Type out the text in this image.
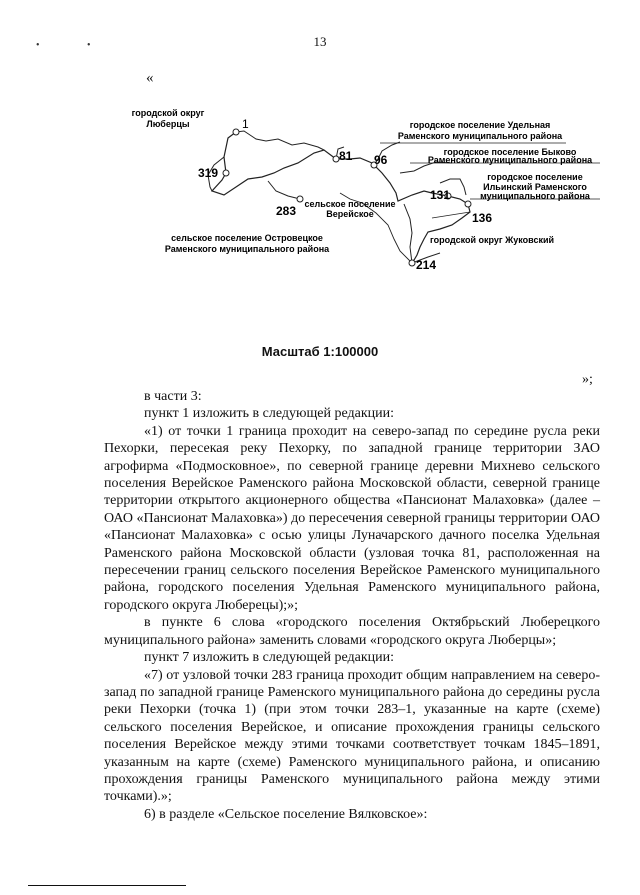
13
•	•
«
1
319
283
81 96
131
136
214
городской округ
Люберцы	городское поселение Удельная
Раменского муниципального района
городское поселение Быково
Раменского муниципального района
городское поселение
Ильинский Раменского
муниципального района
сельское поселение
Верейское
сельское поселение Островецкое
Раменского муниципального района
городской округ Жуковский
Масштаб 1:100000
»;

в части 3:

пункт 1 изложить в следующей редакции:

«1) от точки 1 граница проходит на северо-запад по середине русла реки Пехорки, пересекая реку Пехорку, по западной границе территории ЗАО агрофирма «Подмосковное», по северной границе деревни Михнево сельского поселения Верейское Раменского района Московской области, северной границе территории открытого акционерного общества «Пансионат Малаховка» (далее – ОАО «Пансионат Малаховка») до пересечения северной границы территории ОАО «Пансионат Малаховка» с осью улицы Луначарского дачного поселка Удельная Раменского района Московской области (узловая точка 81, расположенная на пересечении границ сельского поселения Верейское Раменского муниципального района, городского поселения Удельная Раменского муниципального района, городского округа Люберецы);»;

в пункте 6 слова «городского поселения Октябрьский Люберецкого муниципального района» заменить словами «городского округа Люберцы»;

пункт 7 изложить в следующей редакции:

«7) от узловой точки 283 граница проходит общим направлением на северо-запад по западной границе Раменского муниципального района до середины русла реки Пехорки (точка 1) (при этом точки 283–1, указанные на карте (схеме) сельского поселения Верейское, и описание прохождения границы сельского поселения Верейское между этими точками соответствует точкам 1845–1891, указанным на карте (схеме) Раменского муниципального района, и описанию прохождения границы Раменского муниципального района между этими точками).»;

6) в разделе «Сельское поселение Вялковское»:
